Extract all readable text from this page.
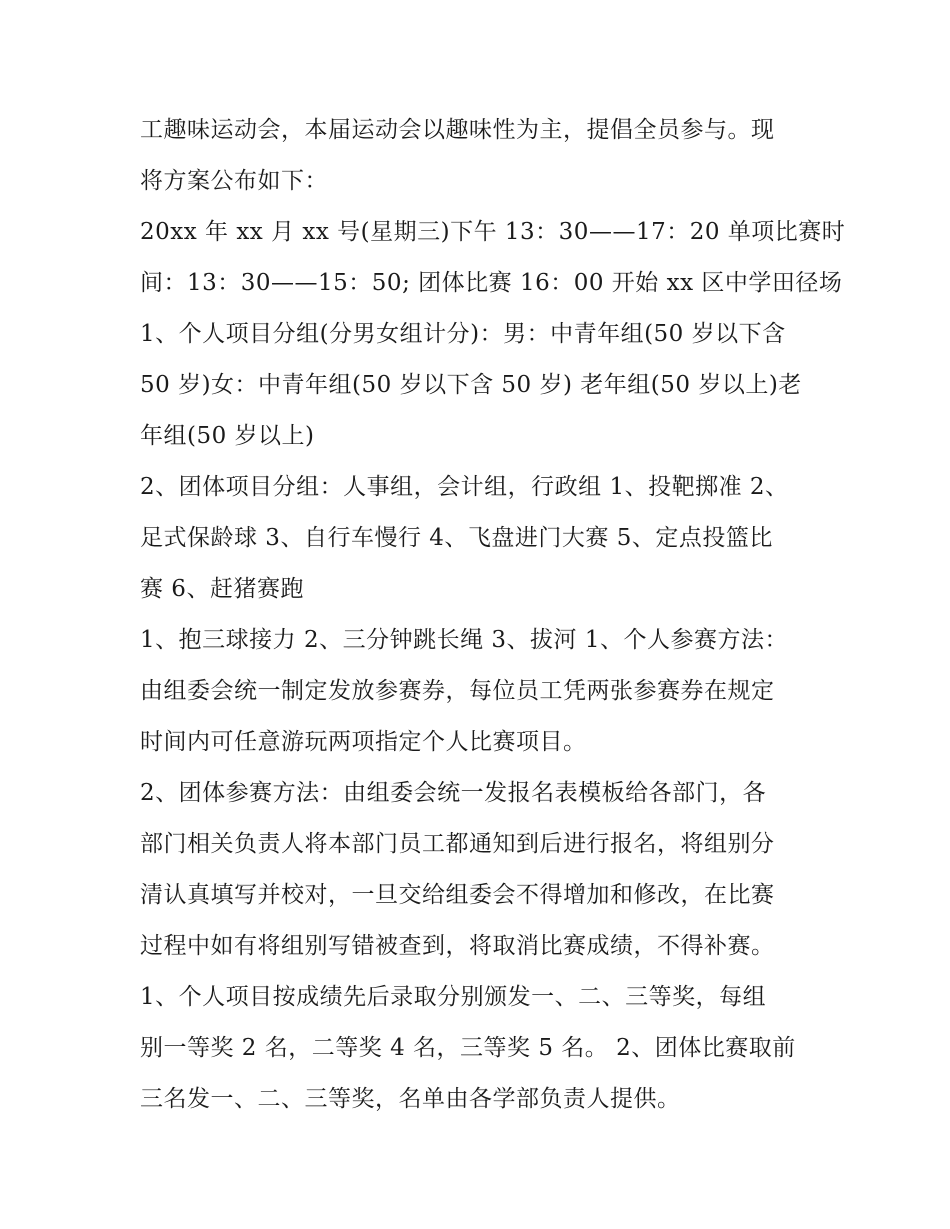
工趣味运动会，本届运动会以趣味性为主，提倡全员参与。现
将方案公布如下：
20xx 年 xx 月 xx 号(星期三)下午 13：30——17：20 单项比赛时
间：13：30——15：50; 团体比赛 16：00 开始 xx 区中学田径场
1、个人项目分组(分男女组计分)：男：中青年组(50 岁以下含
50 岁)女：中青年组(50 岁以下含 50 岁) 老年组(50 岁以上)老
年组(50 岁以上)
2、团体项目分组：人事组，会计组，行政组 1、投靶掷准 2、
足式保龄球 3、自行车慢行 4、飞盘进门大赛 5、定点投篮比
赛 6、赶猪赛跑
1、抱三球接力 2、三分钟跳长绳 3、拔河 1、个人参赛方法：
由组委会统一制定发放参赛券，每位员工凭两张参赛券在规定
时间内可任意游玩两项指定个人比赛项目。
2、团体参赛方法：由组委会统一发报名表模板给各部门，各
部门相关负责人将本部门员工都通知到后进行报名，将组别分
清认真填写并校对，一旦交给组委会不得增加和修改，在比赛
过程中如有将组别写错被查到，将取消比赛成绩，不得补赛。
1、个人项目按成绩先后录取分别颁发一、二、三等奖，每组
别一等奖 2 名，二等奖 4 名，三等奖 5 名。 2、团体比赛取前
三名发一、二、三等奖，名单由各学部负责人提供。
